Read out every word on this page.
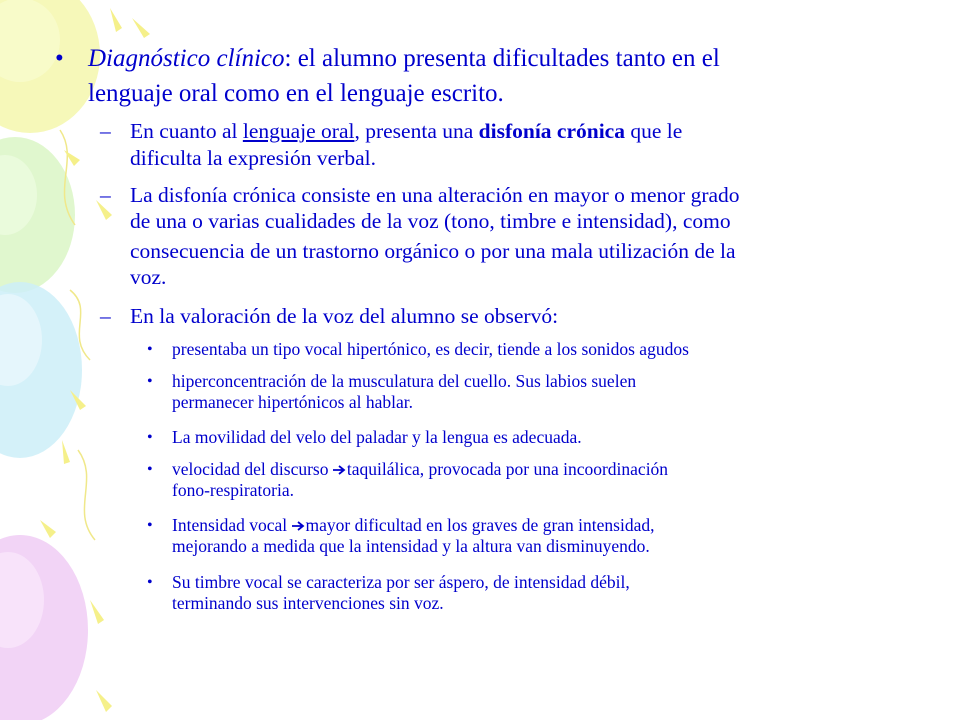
• Diagnóstico clínico: el alumno presenta dificultades tanto en el
lenguaje oral como en el lenguaje escrito.
– En cuanto al lenguaje oral, presenta una disfonía crónica que le
dificulta la expresión verbal.
– La disfonía crónica consiste en una alteración en mayor o menor grado
de una o varias cualidades de la voz (tono, timbre e intensidad), como
consecuencia de un trastorno orgánico o por una mala utilización de la
voz.
– En la valoración de la voz del alumno se observó:
• presentaba un tipo vocal hipertónico, es decir, tiende a los sonidos agudos
• hiperconcentración de la musculatura del cuello. Sus labios suelen
permanecer hipertónicos al hablar.
• La movilidad del velo del paladar y la lengua es adecuada.
• velocidad del discurso taquilálica, provocada por una incoordinación
fono-respiratoria.
• Intensidad vocal mayor dificultad en los graves de gran intensidad,
mejorando a medida que la intensidad y la altura van disminuyendo.
• Su timbre vocal se caracteriza por ser áspero, de intensidad débil,
terminando sus intervenciones sin voz.
